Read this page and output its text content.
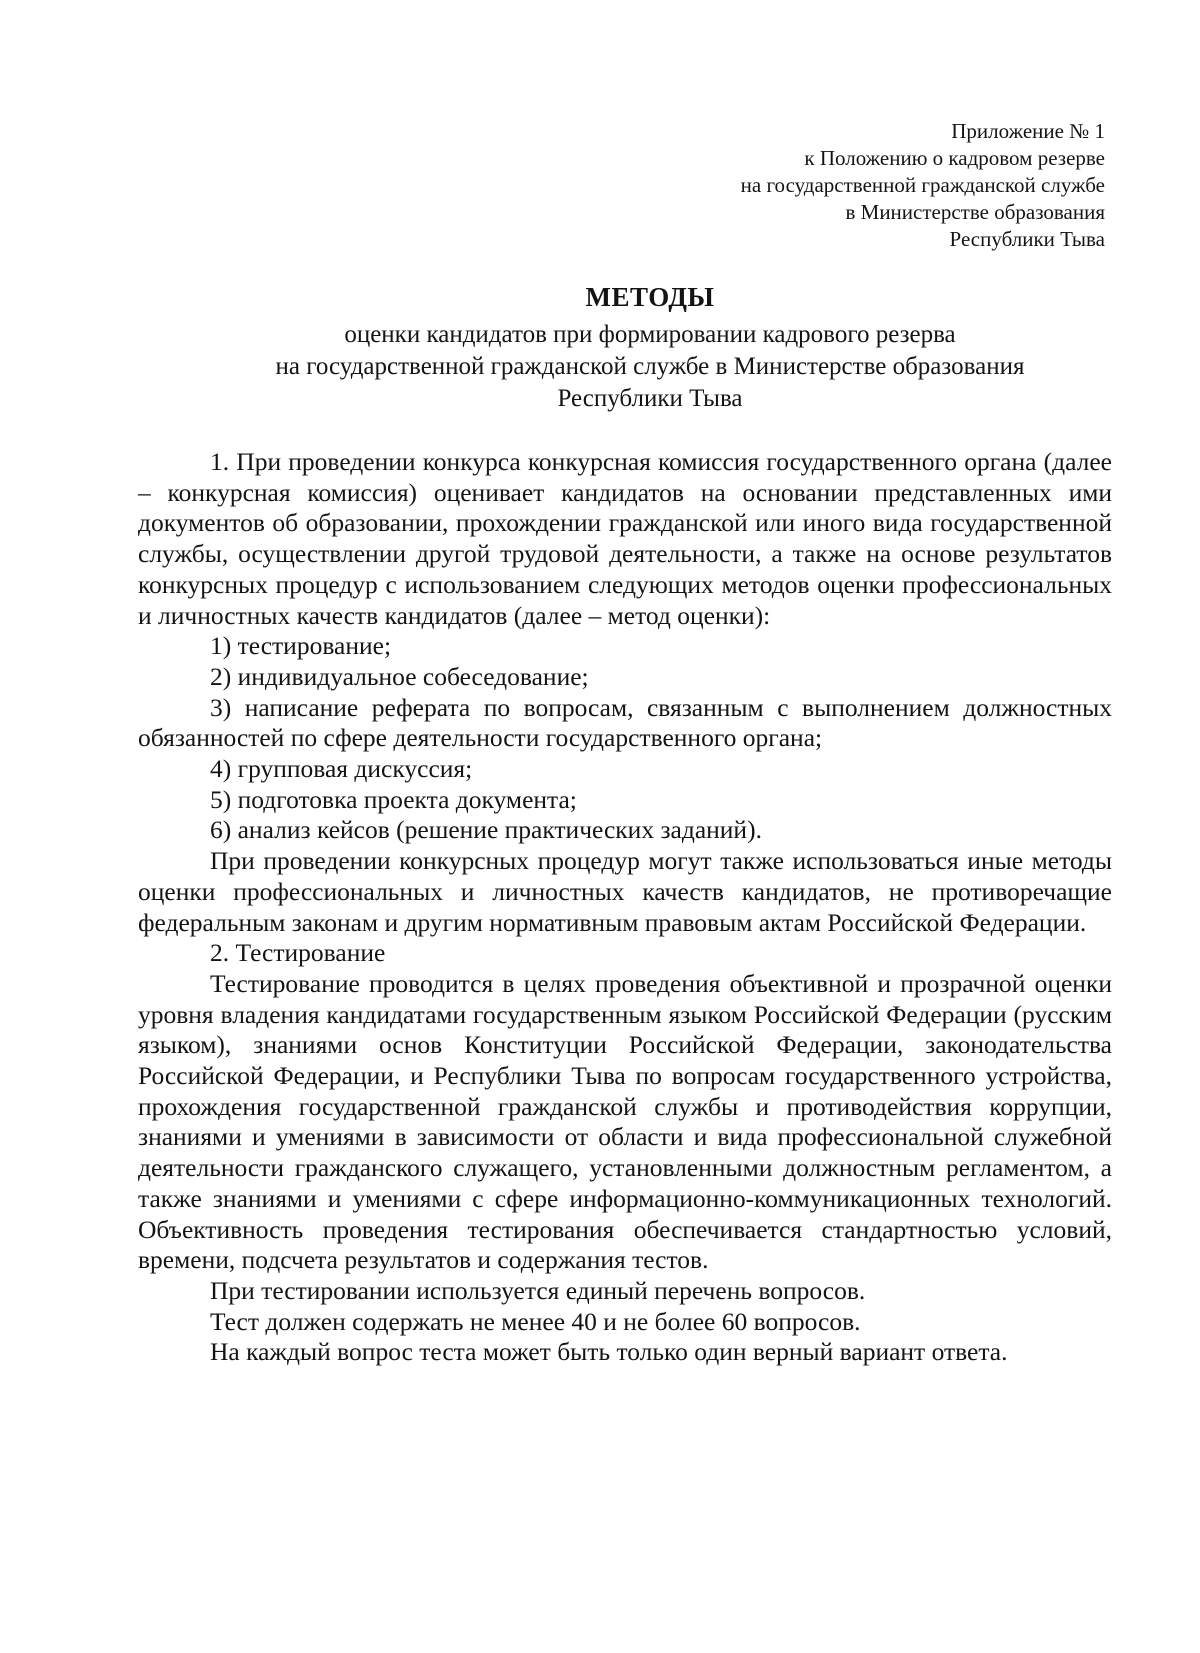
Приложение № 1
к Положению о кадровом резерве
на государственной гражданской службе
в Министерстве образования
Республики Тыва
МЕТОДЫ
оценки кандидатов при формировании кадрового резерва
на государственной гражданской службе в Министерстве образования
Республики Тыва

1. При проведении конкурса конкурсная комиссия государственного органа (далее – конкурсная комиссия) оценивает кандидатов на основании представленных ими документов об образовании, прохождении гражданской или иного вида государственной службы, осуществлении другой трудовой деятельности, а также на основе результатов конкурсных процедур с использованием следующих методов оценки профессиональных и личностных качеств кандидатов (далее – метод оценки):

1) тестирование;

2) индивидуальное собеседование;

3) написание реферата по вопросам, связанным с выполнением должностных обязанностей по сфере деятельности государственного органа;

4) групповая дискуссия;

5) подготовка проекта документа;

6) анализ кейсов (решение практических заданий).

При проведении конкурсных процедур могут также использоваться иные методы оценки профессиональных и личностных качеств кандидатов, не противоречащие федеральным законам и другим нормативным правовым актам Российской Федерации.

2. Тестирование

Тестирование проводится в целях проведения объективной и прозрачной оценки уровня владения кандидатами государственным языком Российской Федерации (русским языком), знаниями основ Конституции Российской Федерации, законодательства Российской Федерации, и Республики Тыва по вопросам государственного устройства, прохождения государственной гражданской службы и противодействия коррупции, знаниями и умениями в зависимости от области и вида профессиональной служебной деятельности гражданского служащего, установленными должностным регламентом, а также знаниями и умениями с сфере информационно-коммуникационных технологий. Объективность проведения тестирования обеспечивается стандартностью условий, времени, подсчета результатов и содержания тестов.

При тестировании используется единый перечень вопросов.

Тест должен содержать не менее 40 и не более 60 вопросов.

На каждый вопрос теста может быть только один верный вариант ответа.
